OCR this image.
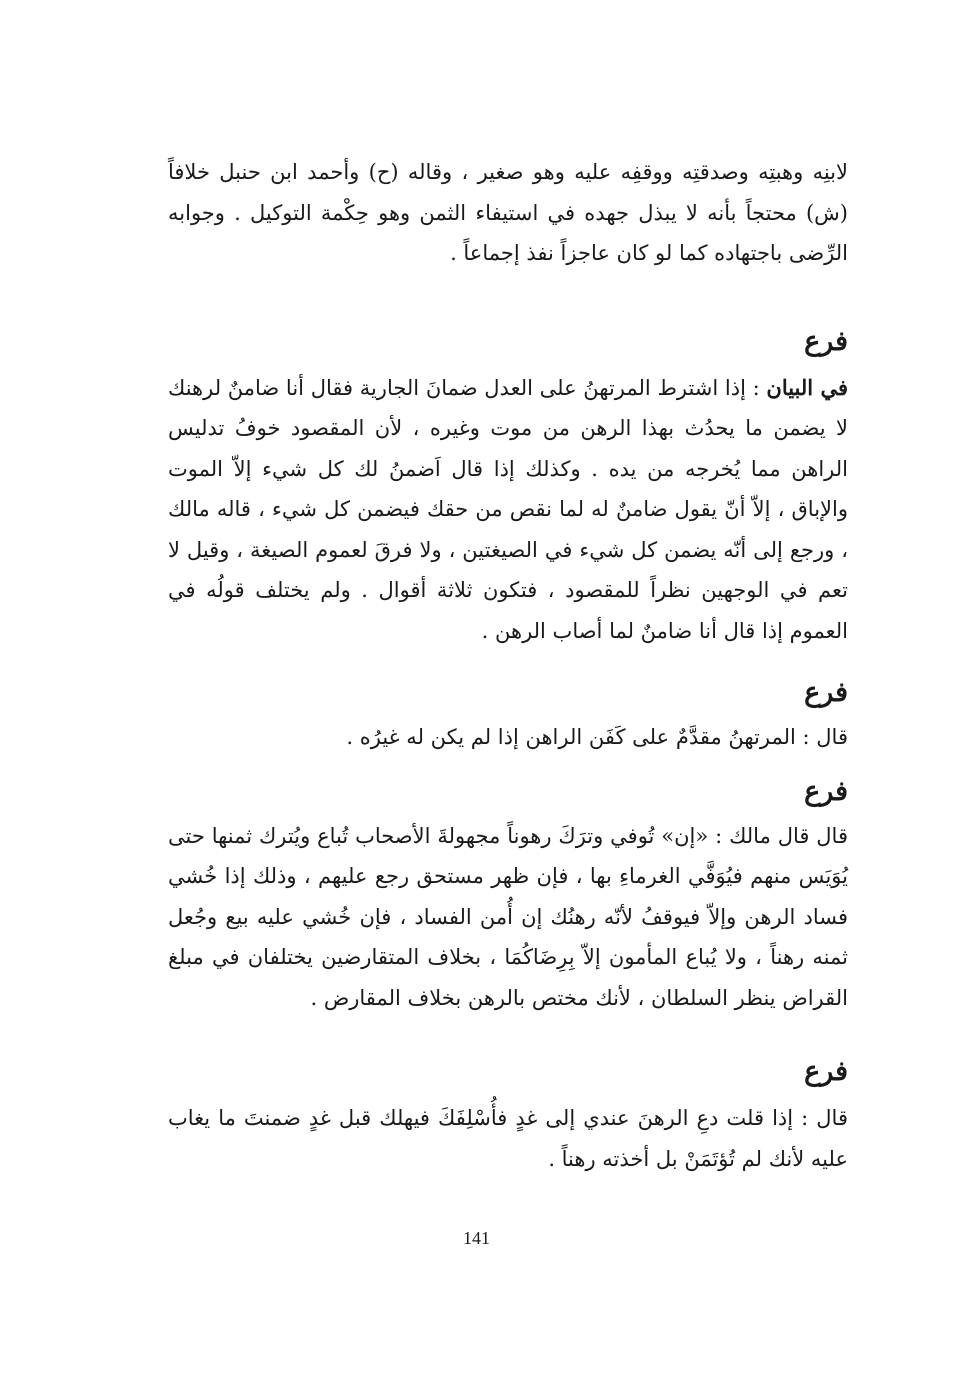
لابنِه وهبتِه وصدقتِه ووقفِه عليه وهو صغير ، وقاله (ح) وأحمد ابن حنبل خلافاً (ش) محتجاً بأنه لا يبذل جهده في استيفاء الثمن وهو حِكْمة التوكيل . وجوابه الرِّضى باجتهاده كما لو كان عاجزاً نفذ إجماعاً .

فرع

في البيان : إذا اشترط المرتهنُ على العدل ضمانَ الجارية فقال أنا ضامنٌ لرهنك لا يضمن ما يحدُث بهذا الرهن من موت وغيره ، لأن المقصود خوفُ تدليس الراهن مما يُخرجه من يده . وكذلك إذا قال اَضمنُ لك كل شيء إلاّ الموت والإباق ، إلاّ أنّ يقول ضامنٌ له لما نقص من حقك فيضمن كل شيء ، قاله مالك ، ورجع إلى أنّه يضمن كل شيء في الصيغتين ، ولا فرقَ لعموم الصيغة ، وقيل لا تعم في الوجهين نظراً للمقصود ، فتكون ثلاثة أقوال . ولم يختلف قولُه في العموم إذا قال أنا ضامنٌ لما أصاب الرهن .

فرع

قال : المرتهنُ مقدَّمٌ على كَفَن الراهن إذا لم يكن له غيرُه .

فرع

قال قال مالك : «إن» تُوفي وترَكَ رهوناً مجهولةَ الأصحاب تُباع ويُترك ثمنها حتى يُوَيَس منهم فيُوَفَّي الغرماءِ بها ، فإن ظهر مستحق رجع عليهم ، وذلك إذا خُشي فساد الرهن وإلاّ فيوقفُ لأنّه رهنُك إن أُمن الفساد ، فإن خُشي عليه بيع وجُعل ثمنه رهناً ، ولا يُباع المأمون إلاّ بِرِضَاكُمَا ، بخلاف المتقارضين يختلفان في مبلغ القراض ينظر السلطان ، لأنك مختص بالرهن بخلاف المقارض .

فرع

قال : إذا قلت دعِ الرهنَ عندي إلى غدٍ فأُسْلِفَكَ فيهلك قبل غدٍ ضمنتَ ما يغاب عليه لأنك لم تُؤتَمَنْ بل أخذته رهناً .

141
